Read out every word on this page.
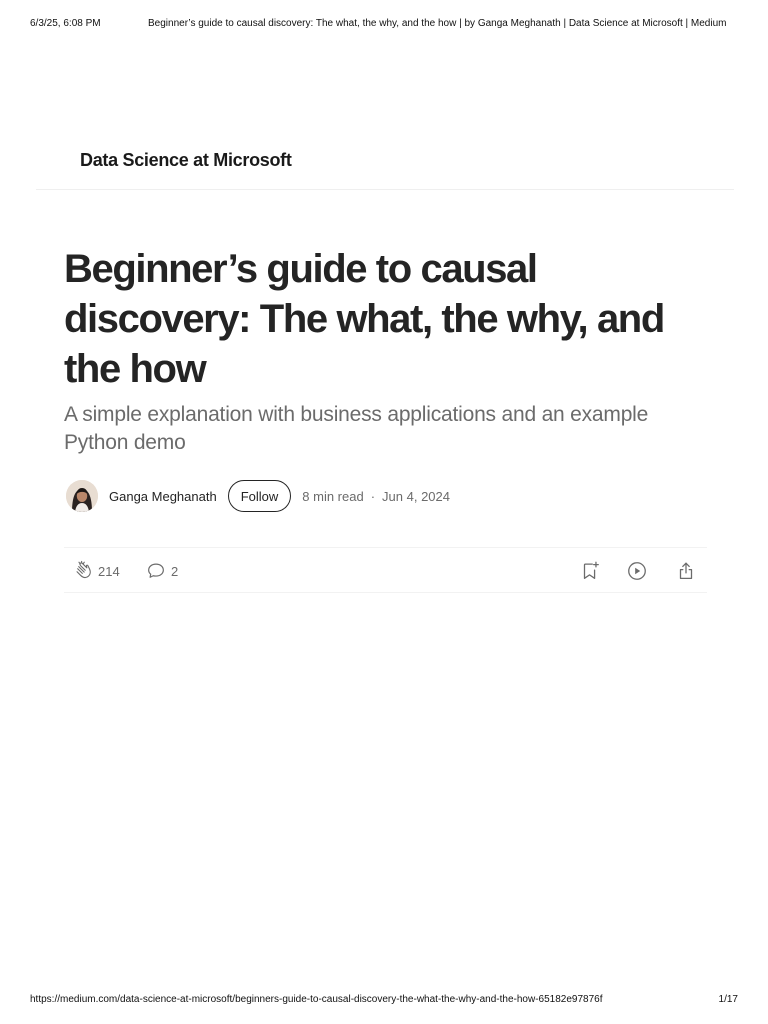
6/3/25, 6:08 PM	Beginner’s guide to causal discovery: The what, the why, and the how | by Ganga Meghanath | Data Science at Microsoft | Medium
Data Science at Microsoft
Beginner’s guide to causal discovery: The what, the why, and the how
A simple explanation with business applications and an example Python demo
Ganga Meghanath	Follow	8 min read · Jun 4, 2024
214	2
https://medium.com/data-science-at-microsoft/beginners-guide-to-causal-discovery-the-what-the-why-and-the-how-65182e97876f	1/17
